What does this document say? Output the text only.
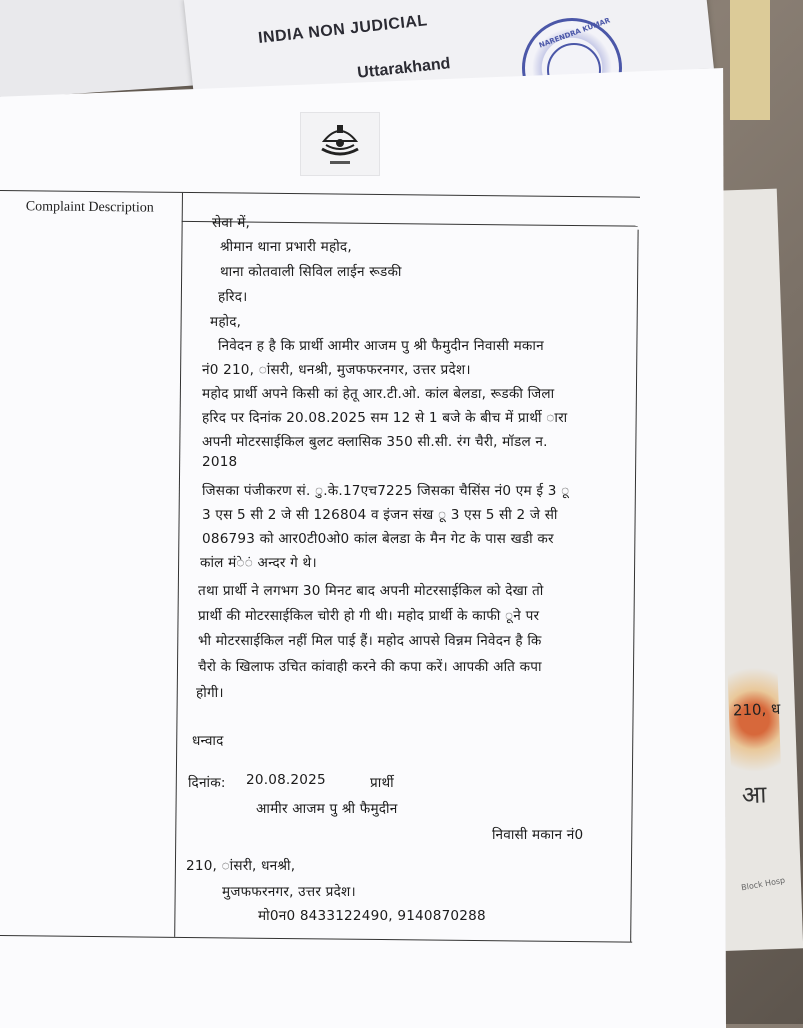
INDIA NON JUDICIAL
Uttarakhand
NARENDRA KUMAR
210, ध
आ
Block Hosp
Complaint Description
सेवा में,
श्रीमान थाना प्रभारी महोद,
थाना कोतवाली सिविल लाईन रूडकी
हरिद।
महोद,
निवेदन ह है कि प्रार्थी आमीर आजम पु श्री फैमुदीन निवासी मकान
नं0 210, ◌ांसरी, धनश्री, मुजफफरनगर, उत्तर प्रदेश।
महोद प्रार्थी अपने किसी कां हेतू आर.टी.ओ. कांल बेलडा, रूडकी जिला
हरिद पर दिनांक 20.08.2025 सम 12 से 1 बजे के बीच में प्रार्थी ◌ारा
अपनी मोटरसाईकिल बुलट क्लासिक 350 सी.सी. रंग चैरी, मॉडल न.
2018
जिसका पंजीकरण सं. ◌ु.के.17एच7225 जिसका चैसिंस नं0 एम ई 3 ◌ू
3 एस 5 सी 2 जे सी 126804 व इंजन संख ◌ू 3 एस 5 सी 2 जे सी
086793 को आर0टी0ओ0 कांल बेलडा के मैन गेट के पास खडी कर
कांल मं◌े◌ं अन्दर गे थे।
तथा प्रार्थी ने लगभग 30 मिनट बाद अपनी मोटरसाईकिल को देखा तो
प्रार्थी की मोटरसाईकिल चोरी हो गी थी। महोद प्रार्थी के काफी ◌ूने पर
भी मोटरसाईकिल नहीं मिल पाई हैं। महोद आपसे विन्नम निवेदन है कि
चैरो के खिलाफ उचित कांवाही करने की कपा करें। आपकी अति कपा
होगी।
धन्वाद
दिनांक: 20.08.2025	प्रार्थी
आमीर आजम पु श्री फैमुदीन
निवासी मकान नं0
210, ◌ांसरी, धनश्री,
मुजफफरनगर, उत्तर प्रदेश।
मो0न0 8433122490, 9140870288
